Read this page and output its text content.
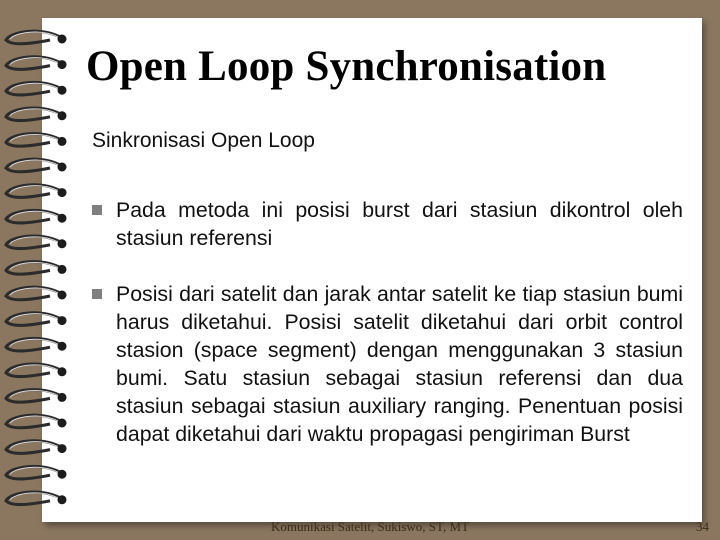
Open Loop Synchronisation
Sinkronisasi Open Loop
Pada metoda ini posisi burst dari stasiun dikontrol oleh stasiun referensi
Posisi dari satelit dan jarak antar satelit ke tiap stasiun bumi harus diketahui. Posisi satelit diketahui dari orbit control stasion (space segment) dengan menggunakan 3 stasiun bumi. Satu stasiun sebagai stasiun referensi dan dua stasiun sebagai stasiun auxiliary ranging. Penentuan posisi dapat diketahui dari waktu propagasi pengiriman Burst
Komunikasi Satelit, Sukiswo, ST, MT	34
